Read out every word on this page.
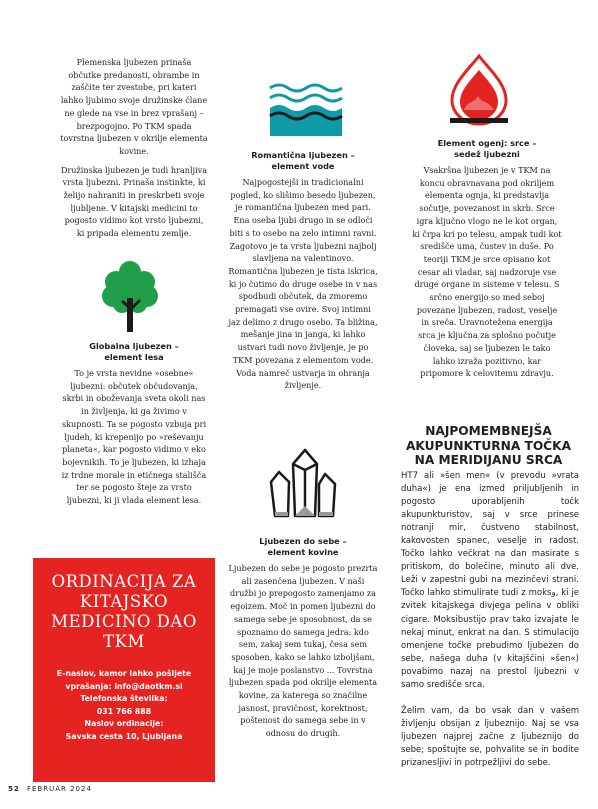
Plemenska ljubezen prinaša občutke predanosti, obrambe in zaščite ter zvestobe, pri kateri lahko ljubimo svoje družinske člane ne glede na vse in brez vprašanj – brezpogojno. Po TKM spada tovrstna ljubezen v okrilje elementa kovine.

Družinska ljubezen je tudi hranljiva vrsta ljubezni. Prinaša instinkte, ki želijo nahraniti in preskrbeti svoje ljubljene. V kitajski medicini to pogosto vidimo kot vrsto ljubezni, ki pripada elementu zemlje.

Globalna ljubezen – element lesa

To je vrsta nevidne »osebne« ljubezni: občutek občudovanja, skrbi in oboževanja sveta okoli nas in življenja, ki ga živimo v skupnosti. Ta se pogosto vzbuja pri ljudeh, ki krepenijo po »reševanju planeta«, kar pogosto vidimo v eko bojevnikih. To je ljubezen, ki izhaja iz trdne morale in etičnega stališča ter se pogosto šteje za vrsto ljubezni, ki ji vlada element lesa.

ORDINACIJA ZA KITAJSKO MEDICINO DAO TKM
E-naslov, kamor lahko pošljete vprašanja: info@daotkm.si
Telefonska številka:
031 766 888
Naslov ordinacije:
Savska cesta 10, Ljubljana
Romantična ljubezen – element vode

Najpogostejši in tradicionalni pogled, ko slišimo besedo ljubezen, je romantična ljubezen med pari. Ena oseba ljubi drugo in se odloči biti s to osebo na zelo intimni ravni. Zagotovo je ta vrsta ljubezni najbolj slavljena na valentinovo. Romantična ljubezen je tista iskrica, ki jo čutimo do druge osebe in v nas spodbudi občutek, da zmoremo premagati vse ovire. Svoj intimni jaz delimo z drugo osebo. Ta bližina, mešanje jina in janga, ki lahko ustvari tudi novo življenje, je po TKM povezana z elementom vode. Voda namreč ustvarja in ohranja življenje.

Ljubezen do sebe – element kovine

Ljubezen do sebe je pogosto prezrta ali zasenčena ljubezen. V naši družbi jo prepogosto zamenjamo za egoizem. Moč in pomen ljubezni do samega sebe je sposobnost, da se spoznamo do samega jedra: kdo sem, zakaj sem tukaj, česa sem sposoben, kako se lahko izboljšam, kaj je moje poslanstvo ... Tovrstna ljubezen spada pod okrilje elementa kovine, za katerega so značilne jasnost, pravičnost, korektnost, poštenost do samega sebe in v odnosu do drugih.

Element ogenj: srce – sedež ljubezni

Vsakršna ljubezen je v TKM na koncu obravnavana pod okriljem elementa ognja, ki predstavlja sočutje, povezanost in skrb. Srce igra ključno vlogo ne le kot organ, ki črpa kri po telesu, ampak tudi kot središče uma, čustev in duše. Po teoriji TKM je srce opisano kot cesar ali vladar, saj nadzoruje vse druge organe in sisteme v telesu. S srčno energijo so med seboj povezane ljubezen, radost, veselje in sreča. Uravnotežena energija srca je ključna za splošno počutje človeka, saj se ljubezen le tako lahko izraža pozitivno, kar pripomore k celovitemu zdravju.

NAJPOMEMBNEJŠA AKUPUNKTURNA TOČKA NA MERIDIJANU SRCA

HT7 ali »šen men« (v prevodu »vrata duha«) je ena izmed priljubljenih in pogosto uporabljenih točk akupunkturistov, saj v srce prinese notranji mir, čustveno stabilnost, kakovosten spanec, veselje in radost. Točko lahko večkrat na dan masirate s pritiskom, do bolečine, minuto ali dve. Leži v zapestni gubi na mezinčevi strani. Točko lahko stimulirate tudi z moksو, ki je zvitek kitajskega divjega pelina v obliki cigare. Moksibustijo prav tako izvajate le nekaj minut, enkrat na dan. S stimulacijo omenjene točke prebudimo ljubezen do sebe, našega duha (v kitajščini »šen«) povabimo nazaj na prestol ljubezni v samo središče srca.

Želim vam, da bo vsak dan v vašem življenju obsijan z ljubeznijo. Naj se vsa ljubezen najprej začne z ljubeznijo do sebe; spoštujte se, pohvalite se in bodite prizanesljivi in potrpežljivi do sebe.

52 FEBRUAR 2024
